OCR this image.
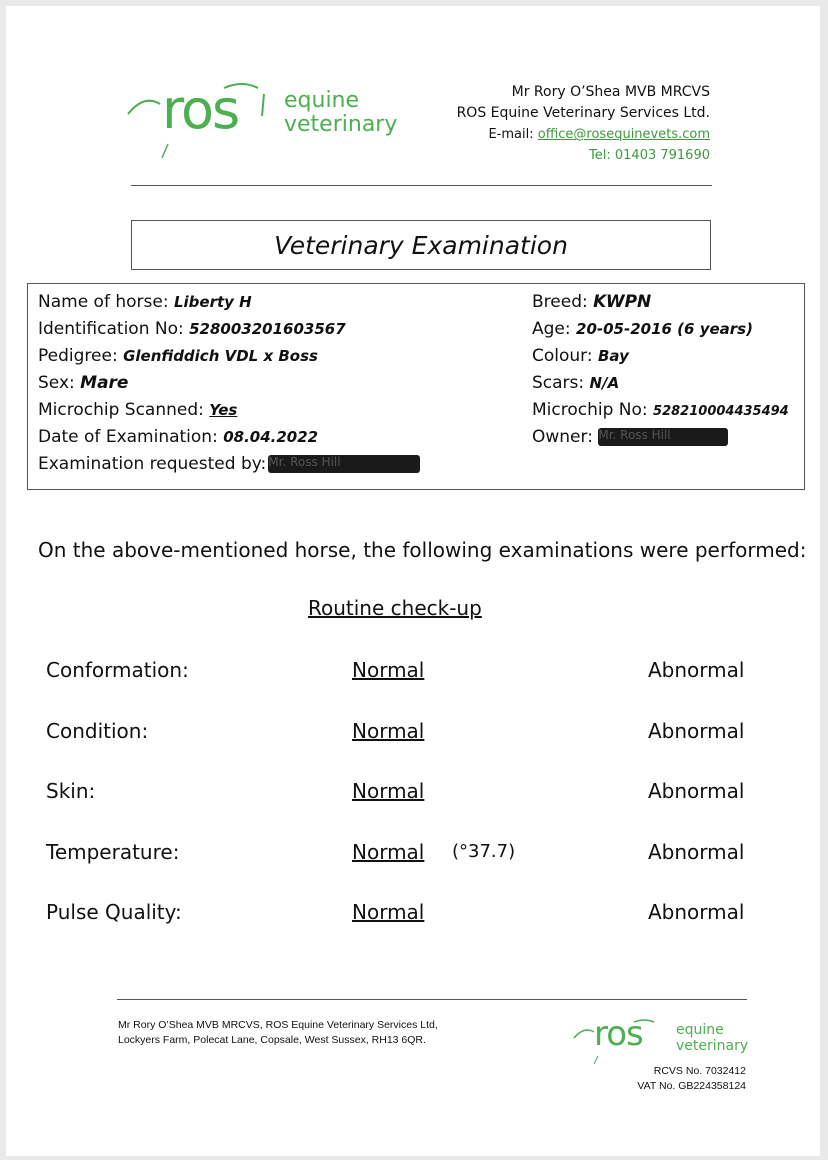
ros equine
veterinary
Mr Rory O’Shea MVB MRCVS
ROS Equine Veterinary Services Ltd.
E-mail: office@rosequinevets.com
Tel: 01403 791690
Veterinary Examination
Name of horse: Liberty H
Identification No: 528003201603567
Pedigree: Glenfiddich VDL x Boss
Sex: Mare
Microchip Scanned: Yes
Date of Examination: 08.04.2022
Examination requested by: Mr. Ross Hill
Breed: KWPN
Age: 20-05-2016 (6 years)
Colour: Bay
Scars: N/A
Microchip No: 528210004435494
Owner: Mr. Ross Hill
On the above-mentioned horse, the following examinations were performed:
Routine check-up
Conformation:	Normal	Abnormal
Condition:	Normal	Abnormal
Skin:	Normal	Abnormal
Temperature:	Normal (°37.7)	Abnormal
Pulse Quality:	Normal	Abnormal
Mr Rory O’Shea MVB MRCVS, ROS Equine Veterinary Services Ltd,
Lockyers Farm, Polecat Lane, Copsale, West Sussex, RH13 6QR.	ros equine
veterinary
RCVS No. 7032412
VAT No. GB224358124
